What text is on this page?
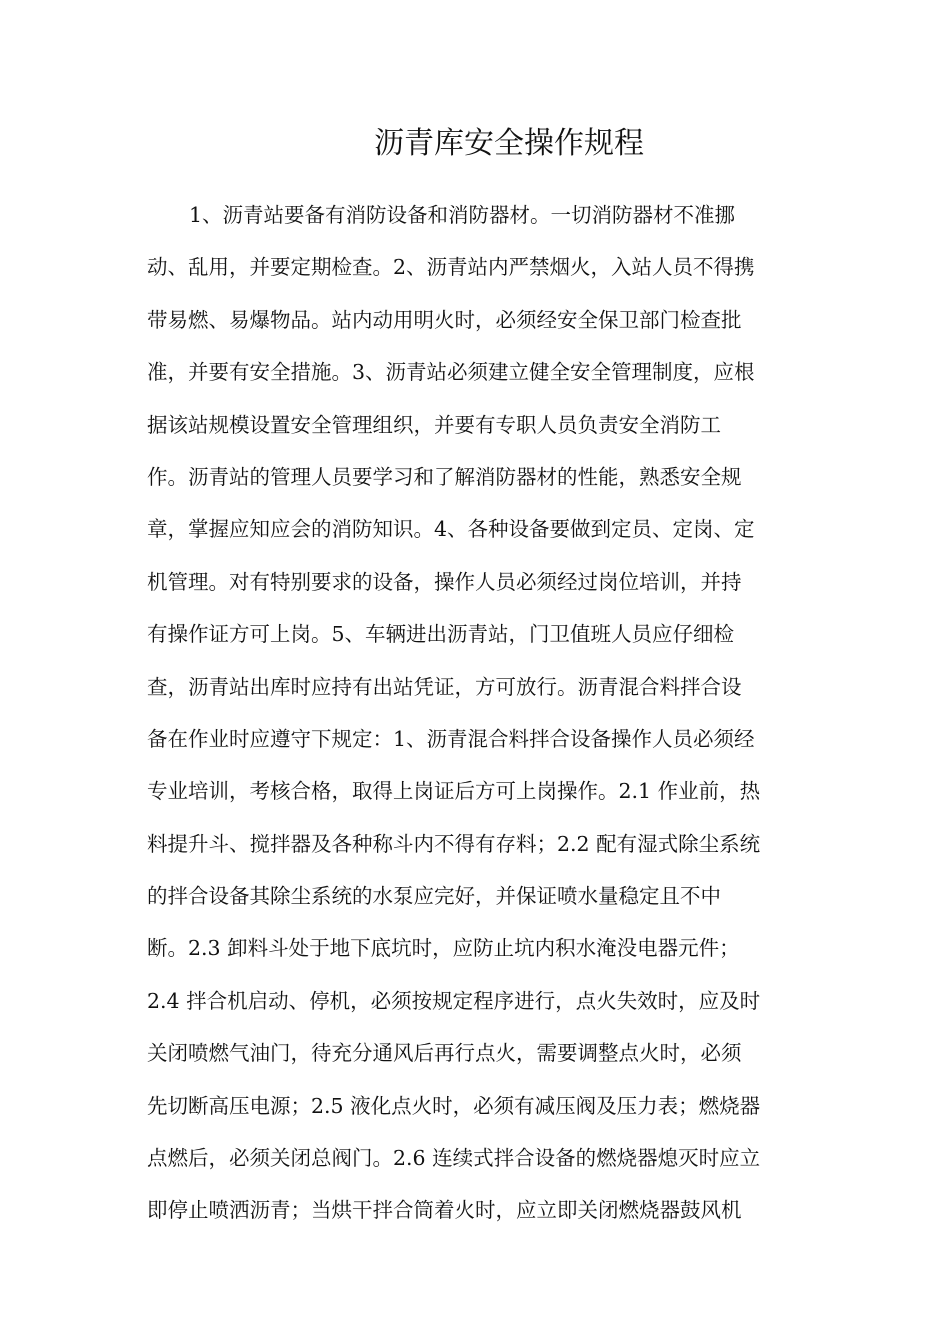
沥青库安全操作规程
1、沥青站要备有消防设备和消防器材。一切消防器材不准挪
动、乱用，并要定期检查。2、沥青站内严禁烟火，入站人员不得携
带易燃、易爆物品。站内动用明火时，必须经安全保卫部门检查批
准，并要有安全措施。3、沥青站必须建立健全安全管理制度，应根
据该站规模设置安全管理组织，并要有专职人员负责安全消防工
作。沥青站的管理人员要学习和了解消防器材的性能，熟悉安全规
章，掌握应知应会的消防知识。4、各种设备要做到定员、定岗、定
机管理。对有特别要求的设备，操作人员必须经过岗位培训，并持
有操作证方可上岗。5、车辆进出沥青站，门卫值班人员应仔细检
查，沥青站出库时应持有出站凭证，方可放行。沥青混合料拌合设
备在作业时应遵守下规定：1、沥青混合料拌合设备操作人员必须经
专业培训，考核合格，取得上岗证后方可上岗操作。2.1 作业前，热
料提升斗、搅拌器及各种称斗内不得有存料；2.2 配有湿式除尘系统
的拌合设备其除尘系统的水泵应完好，并保证喷水量稳定且不中
断。2.3 卸料斗处于地下底坑时，应防止坑内积水淹没电器元件；
2.4 拌合机启动、停机，必须按规定程序进行，点火失效时，应及时
关闭喷燃气油门，待充分通风后再行点火，需要调整点火时，必须
先切断高压电源；2.5 液化点火时，必须有减压阀及压力表；燃烧器
点燃后，必须关闭总阀门。2.6 连续式拌合设备的燃烧器熄灭时应立
即停止喷洒沥青；当烘干拌合筒着火时，应立即关闭燃烧器鼓风机
